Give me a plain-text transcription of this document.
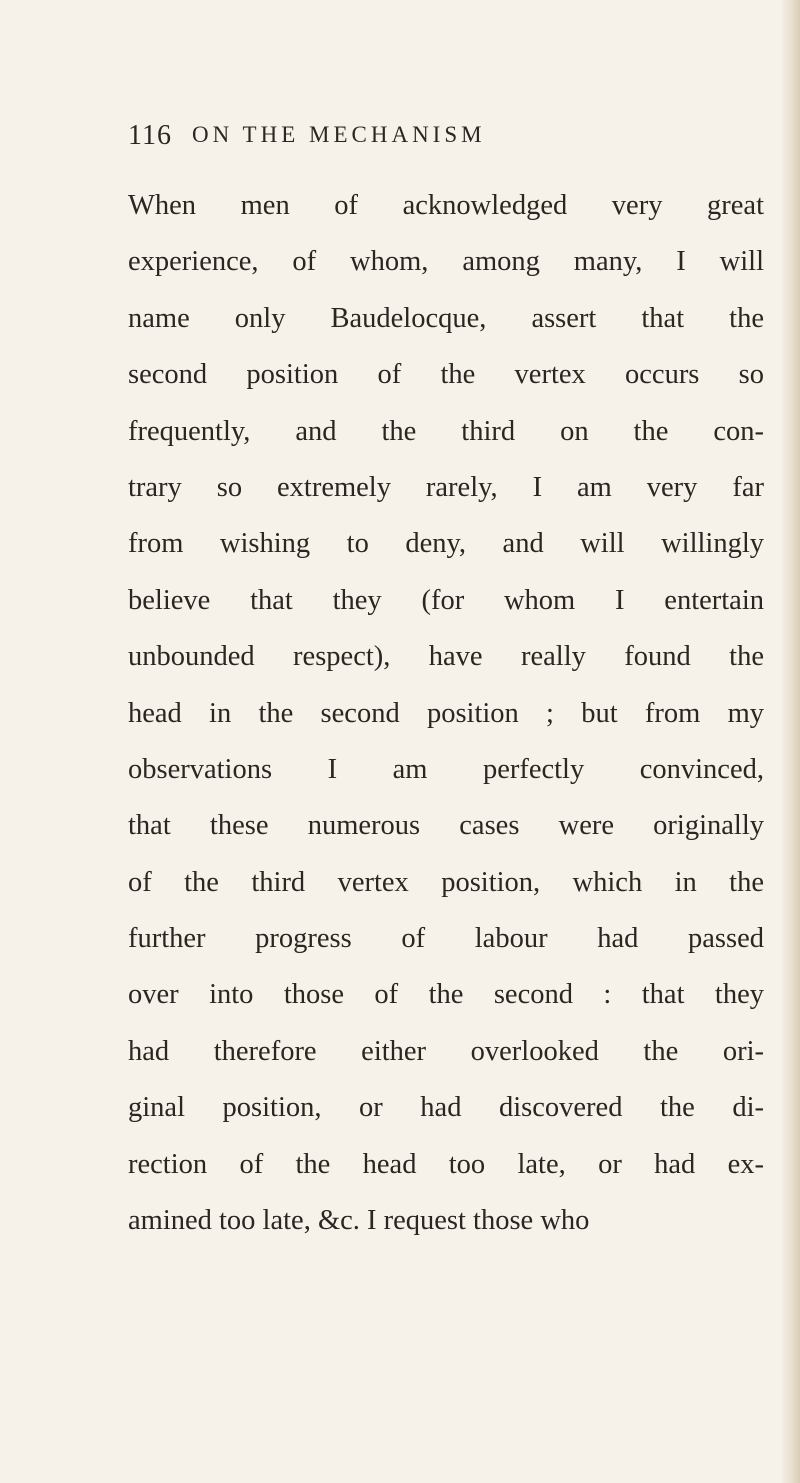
116 ON THE MECHANISM
When men of acknowledged very great
experience, of whom, among many, I will
name only Baudelocque, assert that the
second position of the vertex occurs so
frequently, and the third on the con-
trary so extremely rarely, I am very far
from wishing to deny, and will willingly
believe that they (for whom I entertain
unbounded respect), have really found the
head in the second position ; but from my
observations I am perfectly convinced,
that these numerous cases were originally
of the third vertex position, which in the
further progress of labour had passed
over into those of the second : that they
had therefore either overlooked the ori-
ginal position, or had discovered the di-
rection of the head too late, or had ex-
amined too late, &c. I request those who
